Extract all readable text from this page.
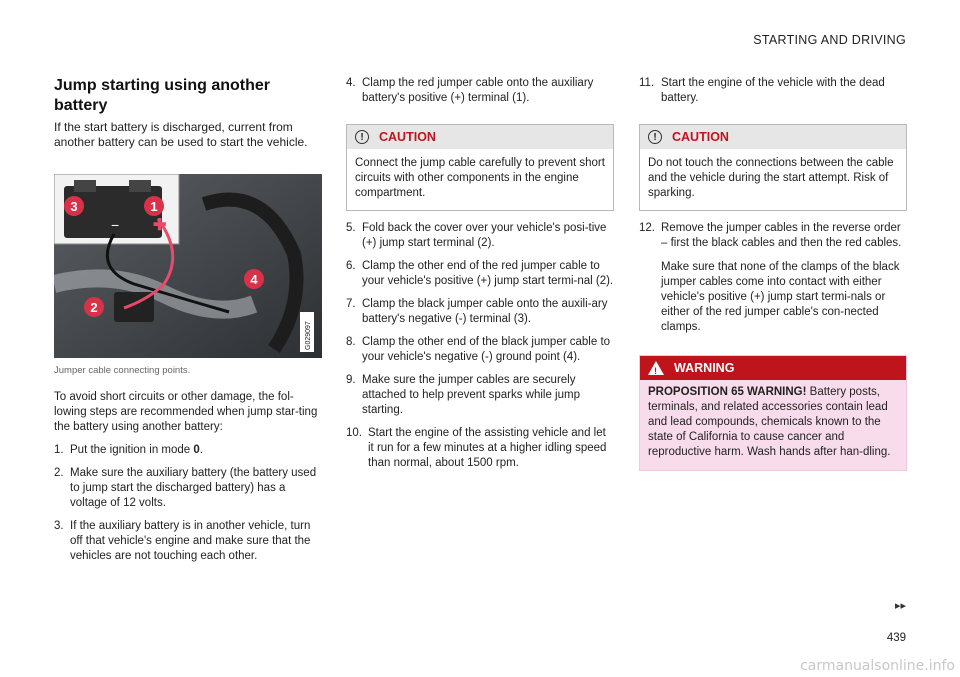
STARTING AND DRIVING
Jump starting using another battery

If the start battery is discharged, current from another battery can be used to start the vehicle.

− ✚
3	1
4
2
G029097
Jumper cable connecting points.

To avoid short circuits or other damage, the fol-lowing steps are recommended when jump star-ting the battery using another battery:

1. Put the ignition in mode 0.
2. Make sure the auxiliary battery (the battery used to jump start the discharged battery) has a voltage of 12 volts.
3. If the auxiliary battery is in another vehicle, turn off that vehicle's engine and make sure that the vehicles are not touching each other.
4. Clamp the red jumper cable onto the auxiliary battery's positive (+) terminal (1).
!	CAUTION
Connect the jump cable carefully to prevent short circuits with other components in the engine compartment.
5. Fold back the cover over your vehicle's posi-tive (+) jump start terminal (2).
6. Clamp the other end of the red jumper cable to your vehicle's positive (+) jump start termi-nal (2).
7. Clamp the black jumper cable onto the auxili-ary battery's negative (-) terminal (3).
8. Clamp the other end of the black jumper cable to your vehicle's negative (-) ground point (4).
9. Make sure the jumper cables are securely attached to help prevent sparks while jump starting.
10. Start the engine of the assisting vehicle and let it run for a few minutes at a higher idling speed than normal, about 1500 rpm.
11. Start the engine of the vehicle with the dead battery.
!	CAUTION
Do not touch the connections between the cable and the vehicle during the start attempt. Risk of sparking.
12. Remove the jumper cables in the reverse order – first the black cables and then the red cables.

Make sure that none of the clamps of the black jumper cables come into contact with either vehicle's positive (+) jump start termi-nals or either of the red jumper cable's con-nected clamps.

! WARNING
PROPOSITION 65 WARNING! Battery posts, terminals, and related accessories contain lead and lead compounds, chemicals known to the state of California to cause cancer and reproductive harm. Wash hands after han-dling.
▸▸
439
carmanualsonline.info
